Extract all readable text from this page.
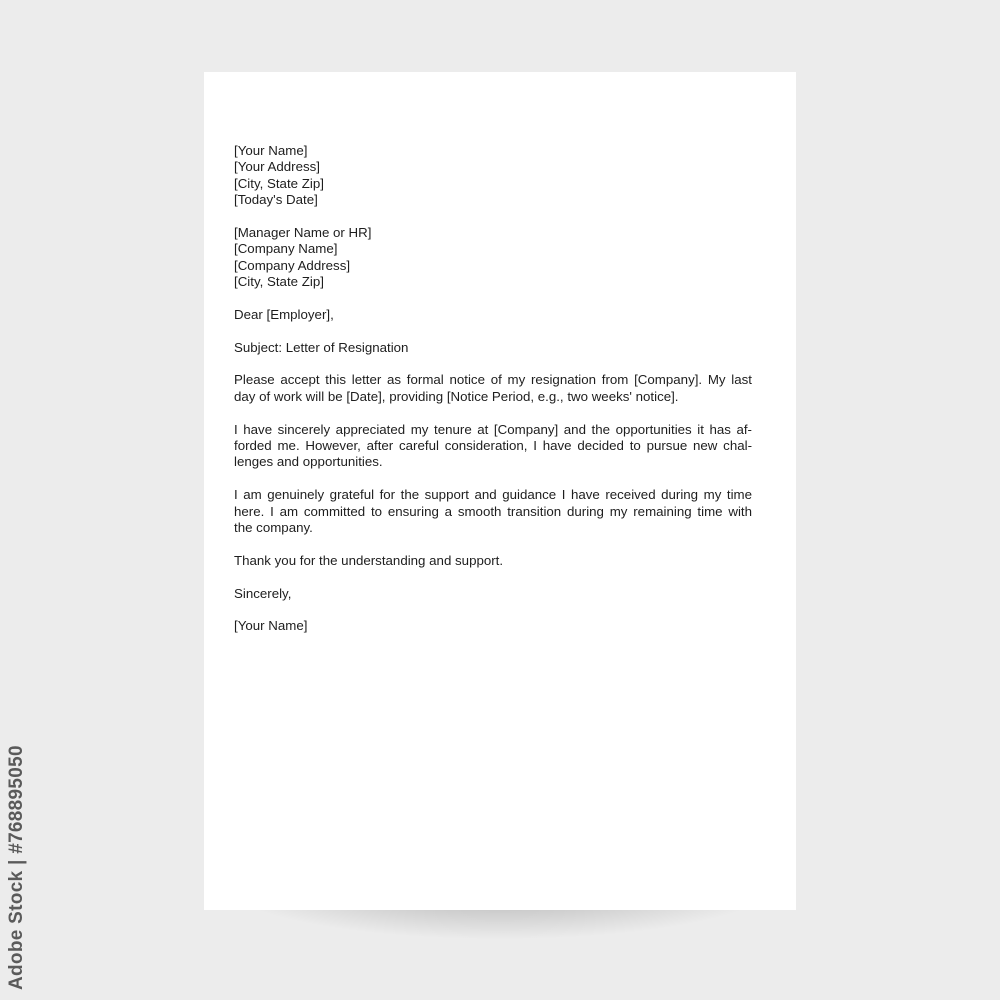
[Your Name]
[Your Address]
[City, State Zip]
[Today's Date]
[Manager Name or HR]
[Company Name]
[Company Address]
[City, State Zip]
Dear [Employer],
Subject: Letter of Resignation
Please accept this letter as formal notice of my resignation from [Company]. My last
day of work will be [Date], providing [Notice Period, e.g., two weeks' notice].
I have sincerely appreciated my tenure at [Company] and the opportunities it has af-
forded me. However, after careful consideration, I have decided to pursue new chal-
lenges and opportunities.
I am genuinely grateful for the support and guidance I have received during my time
here. I am committed to ensuring a smooth transition during my remaining time with
the company.
Thank you for the understanding and support.
Sincerely,
[Your Name]
Adobe Stock | #768895050
